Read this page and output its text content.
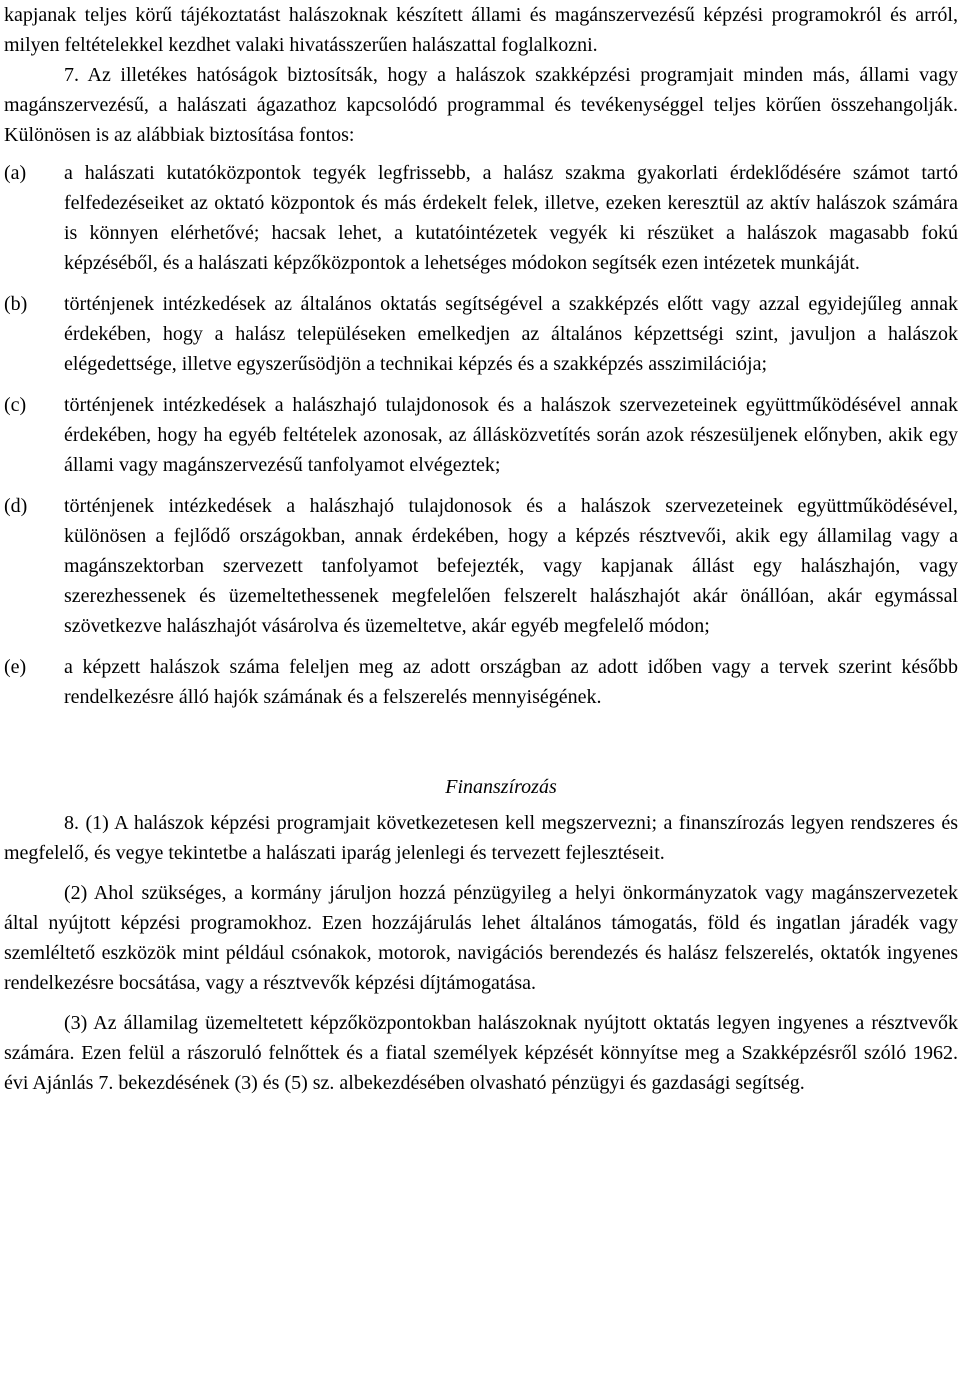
kapjanak teljes körű tájékoztatást halászoknak készített állami és magánszervezésű képzési programokról és arról, milyen feltételekkel kezdhet valaki hivatásszerűen halászattal foglalkozni.

7. Az illetékes hatóságok biztosítsák, hogy a halászok szakképzési programjait minden más, állami vagy magánszervezésű, a halászati ágazathoz kapcsolódó programmal és tevékenységgel teljes körűen összehangolják. Különösen is az alábbiak biztosítása fontos:

(a)	a halászati kutatóközpontok tegyék legfrissebb, a halász szakma gyakorlati érdeklődésére számot tartó felfedezéseiket az oktató központok és más érdekelt felek, illetve, ezeken keresztül az aktív halászok számára is könnyen elérhetővé; hacsak lehet, a kutatóintézetek vegyék ki részüket a halászok magasabb fokú képzéséből, és a halászati képzőközpontok a lehetséges módokon segítsék ezen intézetek munkáját.

(b)	történjenek intézkedések az általános oktatás segítségével a szakképzés előtt vagy azzal egyidejűleg annak érdekében, hogy a halász településeken emelkedjen az általános képzettségi szint, javuljon a halászok elégedettsége, illetve egyszerűsödjön a technikai képzés és a szakképzés asszimilációja;

(c)	történjenek intézkedések a halászhajó tulajdonosok és a halászok szervezeteinek együttműködésével annak érdekében, hogy ha egyéb feltételek azonosak, az állásközvetítés során azok részesüljenek előnyben, akik egy állami vagy magánszervezésű tanfolyamot elvégeztek;

(d)	történjenek intézkedések a halászhajó tulajdonosok és a halászok szervezeteinek együttműködésével, különösen a fejlődő országokban, annak érdekében, hogy a képzés résztvevői, akik egy államilag vagy a magánszektorban szervezett tanfolyamot befejezték, vagy kapjanak állást egy halászhajón, vagy szerezhessenek és üzemeltethessenek megfelelően felszerelt halászhajót akár önállóan, akár egymással szövetkezve halászhajót vásárolva és üzemeltetve, akár egyéb megfelelő módon;

(e)	a képzett halászok száma feleljen meg az adott országban az adott időben vagy a tervek szerint később rendelkezésre álló hajók számának és a felszerelés mennyiségének.

Finanszírozás

8. (1) A halászok képzési programjait következetesen kell megszervezni; a finanszírozás legyen rendszeres és megfelelő, és vegye tekintetbe a halászati iparág jelenlegi és tervezett fejlesztéseit.

(2) Ahol szükséges, a kormány járuljon hozzá pénzügyileg a helyi önkormányzatok vagy magánszervezetek által nyújtott képzési programokhoz. Ezen hozzájárulás lehet általános támogatás, föld és ingatlan járadék vagy szemléltető eszközök mint például csónakok, motorok, navigációs berendezés és halász felszerelés, oktatók ingyenes rendelkezésre bocsátása, vagy a résztvevők képzési díjtámogatása.

(3) Az államilag üzemeltetett képzőközpontokban halászoknak nyújtott oktatás legyen ingyenes a résztvevők számára. Ezen felül a rászoruló felnőttek és a fiatal személyek képzését könnyítse meg a Szakképzésről szóló 1962. évi Ajánlás 7. bekezdésének (3) és (5) sz. albekezdésében olvasható pénzügyi és gazdasági segítség.
